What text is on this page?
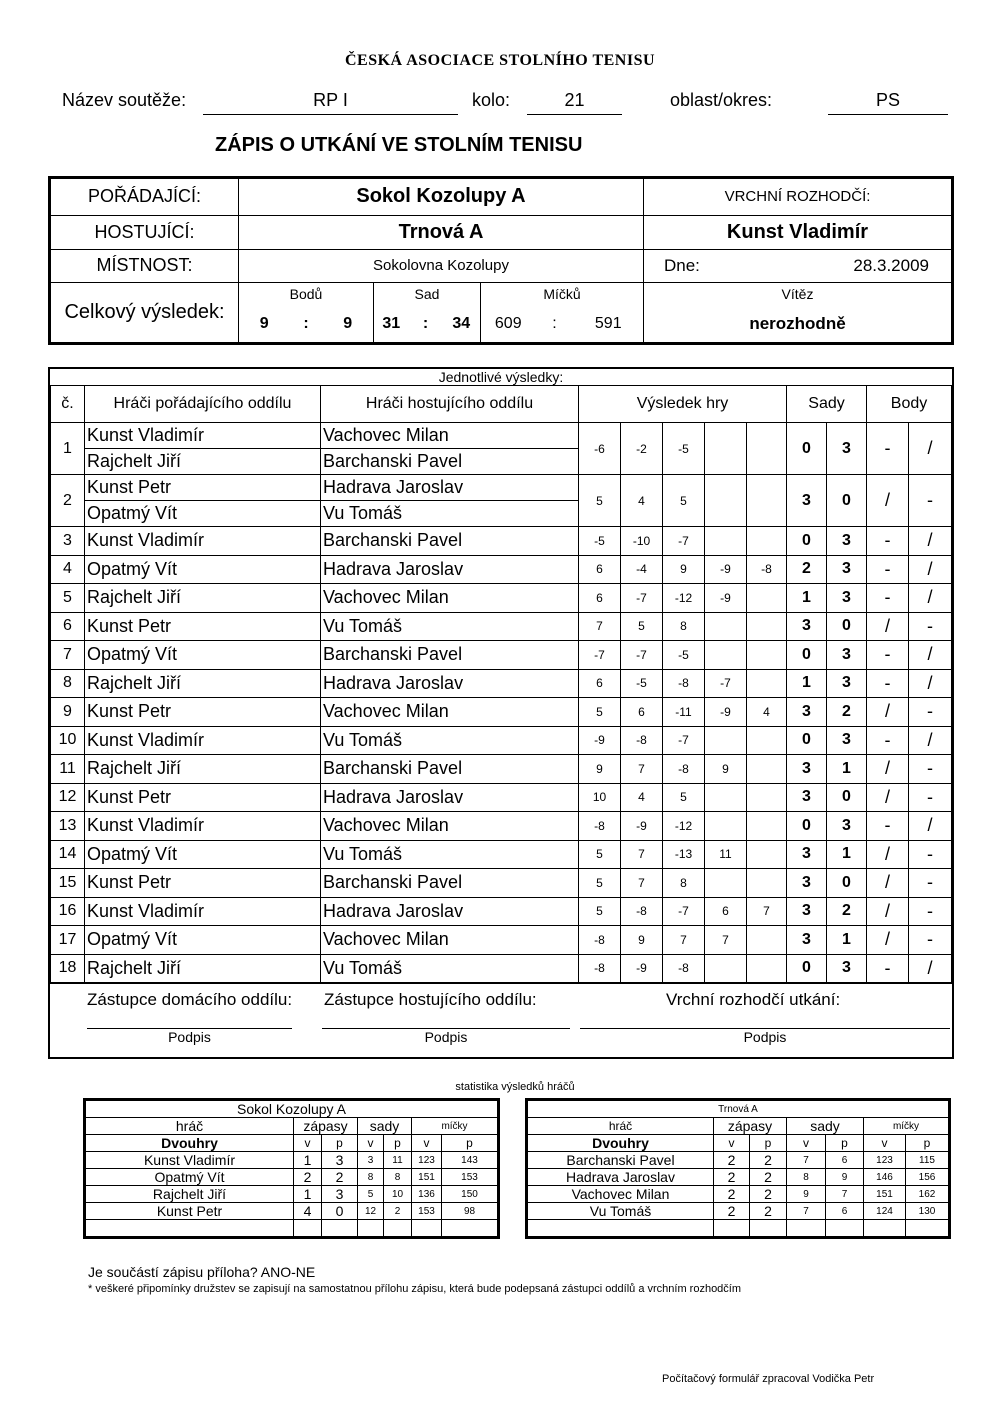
ČESKÁ ASOCIACE STOLNÍHO TENISU
Název soutěže:	RP I	kolo:	21	oblast/okres:	PS
ZÁPIS O UTKÁNÍ VE STOLNÍM TENISU
POŘÁDAJÍCÍ:	Sokol Kozolupy A									VRCHNÍ ROZHODČÍ:
HOSTUJÍCÍ:	Trnová A									Kunst Vladimír
MÍSTNOST:	Sokolovna Kozolupy									Dne: 28.3.2009

Celkový výsledek:	Bodů			Sad			Míčků			Vítěz
	9	:	9	31	:	34	609	:	591	nerozhodně
Jednotlivé výsledky:											
č.	Hráči pořádajícího oddílu	Hráči hostujícího oddílu	Výsledek hry					Sady		Body	
1	Kunst Vladimír	Vachovec Milan	-6	-2	-5			0	3	-	/
	Rajchelt Jiří	Barchanski Pavel									
2	Kunst Petr	Hadrava Jaroslav	5	4	5			3	0	/	-
	Opatmý Vít	Vu Tomáš									
3	Kunst Vladimír	Barchanski Pavel	-5	-10	-7			0	3	-	/
4	Opatmý Vít	Hadrava Jaroslav	6	-4	9	-9	-8	2	3	-	/
5	Rajchelt Jiří	Vachovec Milan	6	-7	-12	-9		1	3	-	/
6	Kunst Petr	Vu Tomáš	7	5	8			3	0	/	-
7	Opatmý Vít	Barchanski Pavel	-7	-7	-5			0	3	-	/
8	Rajchelt Jiří	Hadrava Jaroslav	6	-5	-8	-7		1	3	-	/
9	Kunst Petr	Vachovec Milan	5	6	-11	-9	4	3	2	/	-
10	Kunst Vladimír	Vu Tomáš	-9	-8	-7			0	3	-	/
11	Rajchelt Jiří	Barchanski Pavel	9	7	-8	9		3	1	/	-
12	Kunst Petr	Hadrava Jaroslav	10	4	5			3	0	/	-
13	Kunst Vladimír	Vachovec Milan	-8	-9	-12			0	3	-	/
14	Opatmý Vít	Vu Tomáš	5	7	-13	11		3	1	/	-
15	Kunst Petr	Barchanski Pavel	5	7	8			3	0	/	-
16	Kunst Vladimír	Hadrava Jaroslav	5	-8	-7	6	7	3	2	/	-
17	Opatmý Vít	Vachovec Milan	-8	9	7	7		3	1	/	-
18	Rajchelt Jiří	Vu Tomáš	-8	-9	-8			0	3	-	/
Zástupce domácího oddílu: Zástupce hostujícího oddílu:	Vrchní rozhodčí utkání:
Podpis	Podpis	Podpis
statistika výsledků hráčů
Sokol Kozolupy A						
hráč	zápasy		sady		míčky	
Dvouhry	v	p	v	p	v	p
Kunst Vladimír	1	3	3	11	123	143
Opatmý Vít	2	2	8	8	151	153
Rajchelt Jiří	1	3	5	10	136	150
Kunst Petr	4	0	12	2	153	98

Trnová A						
hráč	zápasy		sady		míčky	
Dvouhry	v	p	v	p	v	p
Barchanski Pavel	2	2	7	6	123	115
Hadrava Jaroslav	2	2	8	9	146	156
Vachovec Milan	2	2	9	7	151	162
Vu Tomáš	2	2	7	6	124	130

Je součástí zápisu příloha? ANO-NE
* veškeré připomínky družstev se zapisují na samostatnou přílohu zápisu, která bude podepsaná zástupci oddílů a vrchním rozhodčím
Počítačový formulář zpracoval Vodička Petr
